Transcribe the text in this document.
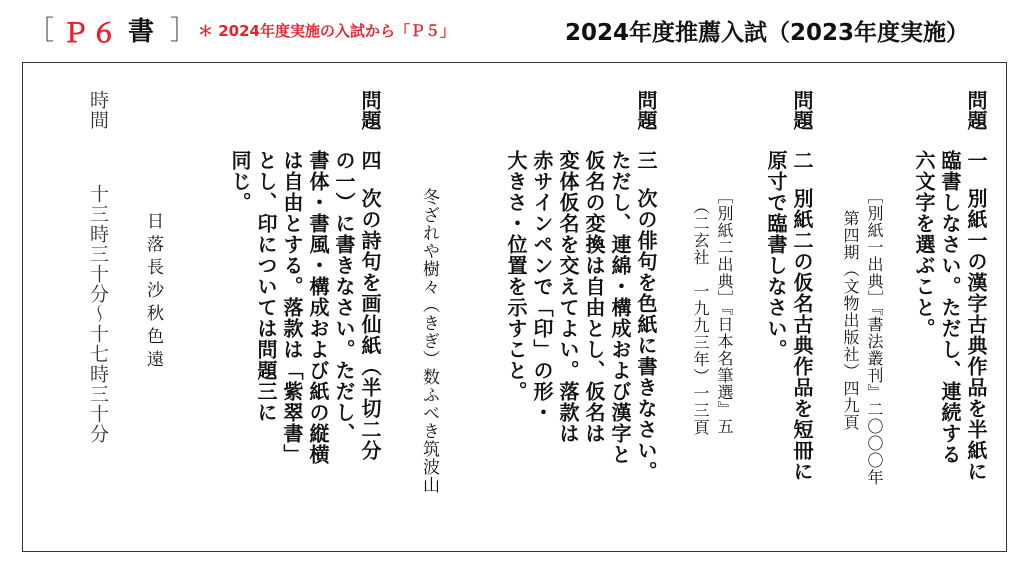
［ Ｐ６ 書 ］ ＊ 2024年度実施の入試から「Ｐ５」	2024年度推薦入試（2023年度実施）
問題
一
別紙一の漢字古典作品を半紙に
臨書しなさい。ただし、連続する
六文字を選ぶこと。
［別紙一出典］『書法叢刊』二〇〇〇年
第四期（文物出版社）四九頁
問題
二
別紙二の仮名古典作品を短冊に
原寸で臨書しなさい。
［別紙二出典］『日本名筆選』五
（二玄社　一九九三年）一三頁
問題
三
次の俳句を色紙に書きなさい。
ただし、連綿・構成および漢字と
仮名の変換は自由とし、仮名は
変体仮名を交えてよい。落款は
赤サインペンで「印」の形・
大きさ・位置を示すこと。
冬ざれや樹々（きぎ）数ふべき筑波山
問題
四
次の詩句を画仙紙（半切二分
の一）に書きなさい。ただし、
書体・書風・構成および紙の縦横
は自由とする。落款は「紫翠書」
とし、印については問題三に
同じ。
日落長沙秋色遠
時間
十三時三十分～十七時三十分
